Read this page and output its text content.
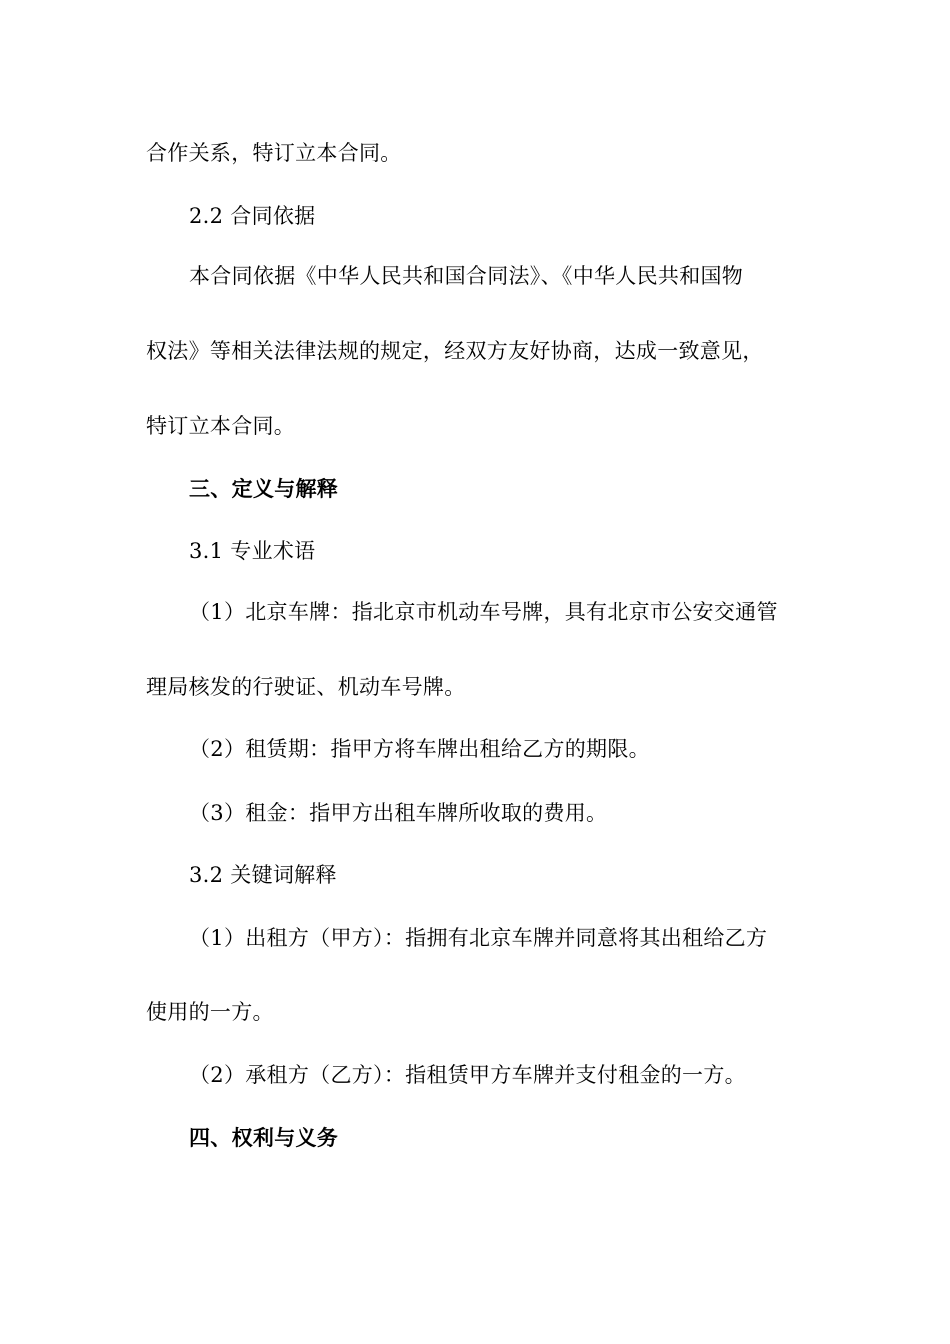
合作关系，特订立本合同。
2.2 合同依据
本合同依据《中华人民共和国合同法》、《中华人民共和国物
权法》等相关法律法规的规定，经双方友好协商，达成一致意见，
特订立本合同。
三、定义与解释
3.1 专业术语
（1）北京车牌：指北京市机动车号牌，具有北京市公安交通管
理局核发的行驶证、机动车号牌。
（2）租赁期：指甲方将车牌出租给乙方的期限。
（3）租金：指甲方出租车牌所收取的费用。
3.2 关键词解释
（1）出租方（甲方）：指拥有北京车牌并同意将其出租给乙方
使用的一方。
（2）承租方（乙方）：指租赁甲方车牌并支付租金的一方。
四、权利与义务
